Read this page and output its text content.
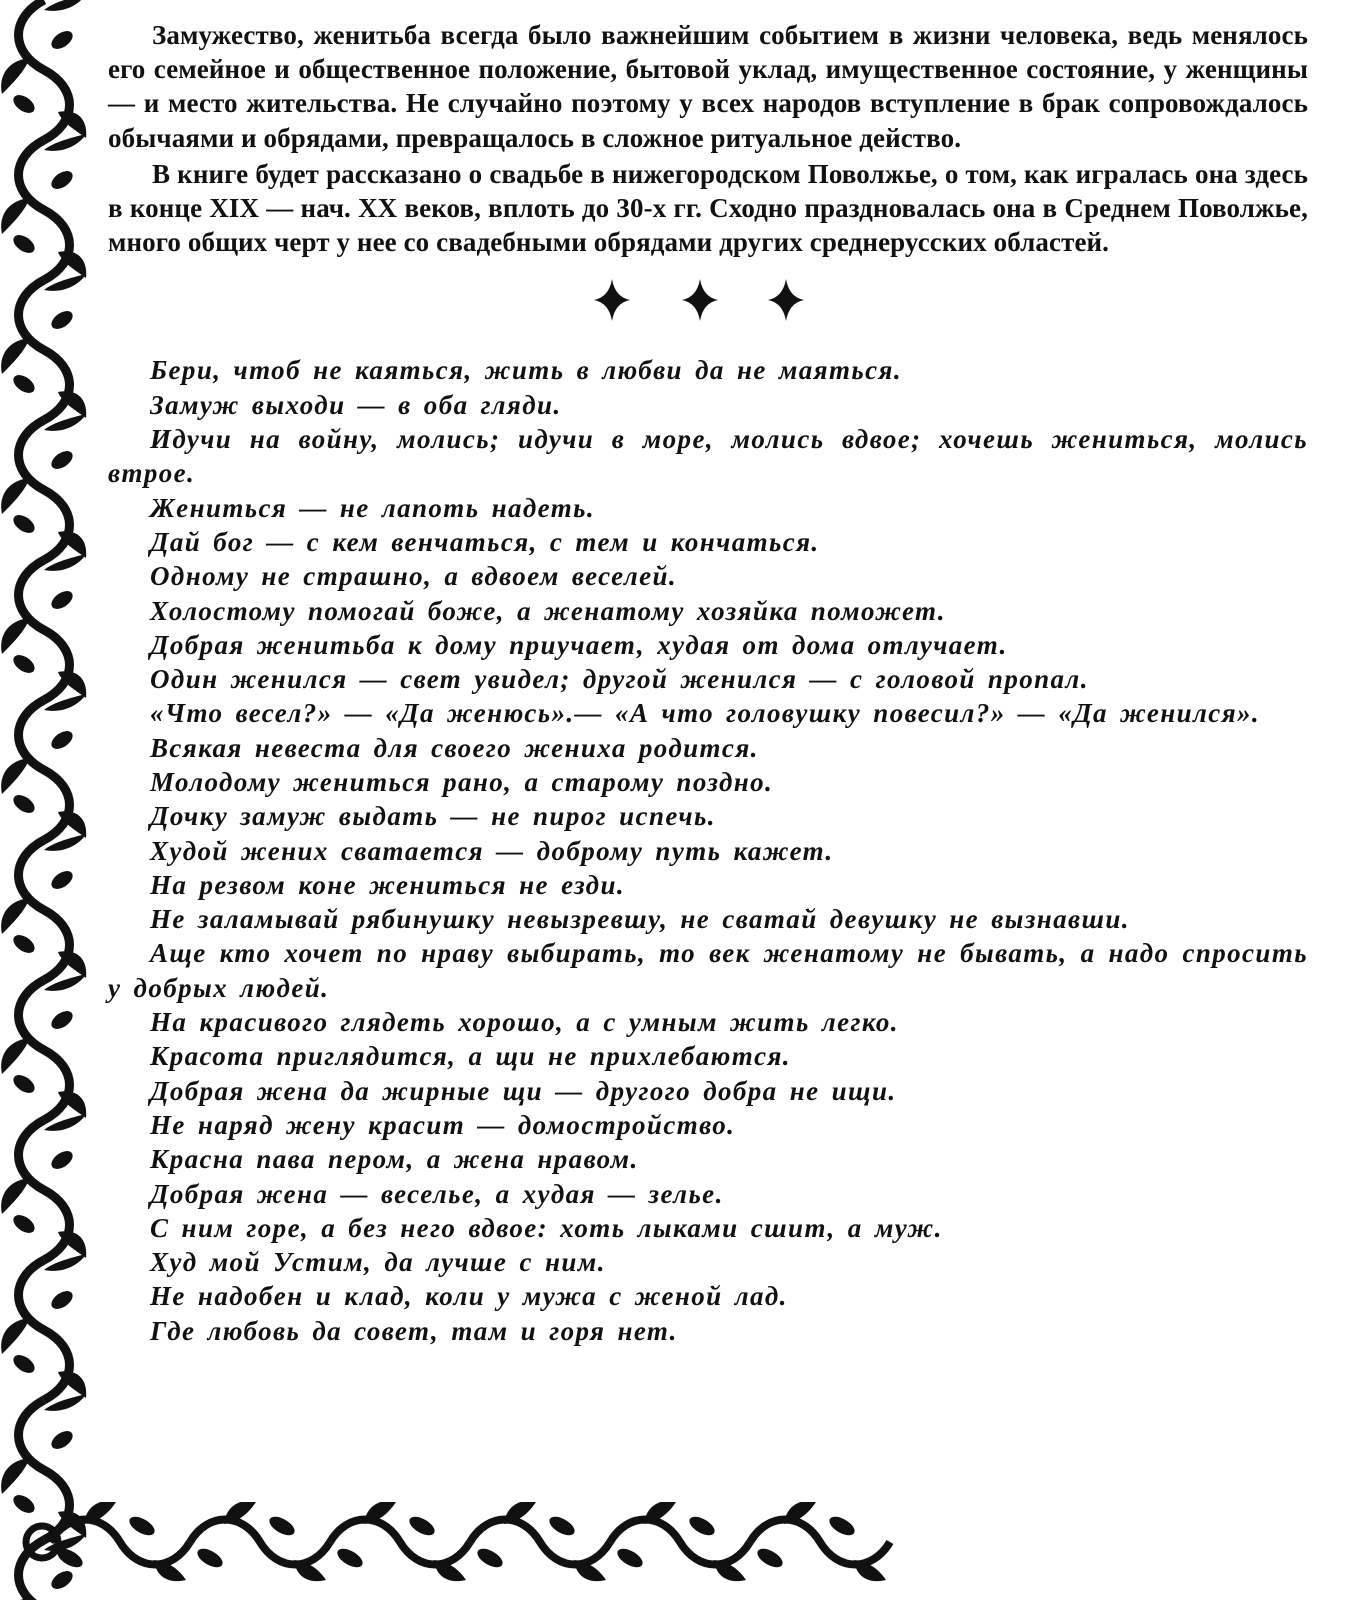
Замужество, женитьба всегда было важнейшим событием в жизни человека, ведь менялось его семейное и общественное положение, бытовой уклад, имущественное состояние, у женщины — и место жительства. Не случайно поэтому у всех народов вступление в брак сопровождалось обычаями и обрядами, превращалось в сложное ритуальное действо.

В книге будет рассказано о свадьбе в нижегородском Поволжье, о том, как игралась она здесь в конце XIX — нач. XX веков, вплоть до 30-х гг. Сходно праздновалась она в Среднем Поволжье, много общих черт у нее со свадебными обрядами других среднерусских областей.

Бери, чтоб не каяться, жить в любви да не маяться.

Замуж выходи — в оба гляди.

Идучи на войну, молись; идучи в море, молись вдвое; хочешь жениться, молись втрое.

Жениться — не лапоть надеть.

Дай бог — с кем венчаться, с тем и кончаться.

Одному не страшно, а вдвоем веселей.

Холостому помогай боже, а женатому хозяйка поможет.

Добрая женитьба к дому приучает, худая от дома отлучает.

Один женился — свет увидел; другой женился — с головой пропал.

«Что весел?» — «Да женюсь».— «А что головушку повесил?» — «Да женился».

Всякая невеста для своего жениха родится.

Молодому жениться рано, а старому поздно.

Дочку замуж выдать — не пирог испечь.

Худой жених сватается — доброму путь кажет.

На резвом коне жениться не езди.

Не заламывай рябинушку невызревшу, не сватай девушку не вызнавши.

Аще кто хочет по нраву выбирать, то век женатому не бывать, а надо спросить у добрых людей.

На красивого глядеть хорошо, а с умным жить легко.

Красота приглядится, а щи не прихлебаются.

Добрая жена да жирные щи — другого добра не ищи.

Не наряд жену красит — домостройство.

Красна пава пером, а жена нравом.

Добрая жена — веселье, а худая — зелье.

С ним горе, а без него вдвое: хоть лыками сшит, а муж.

Худ мой Устим, да лучше с ним.

Не надобен и клад, коли у мужа с женой лад.

Где любовь да совет, там и горя нет.
